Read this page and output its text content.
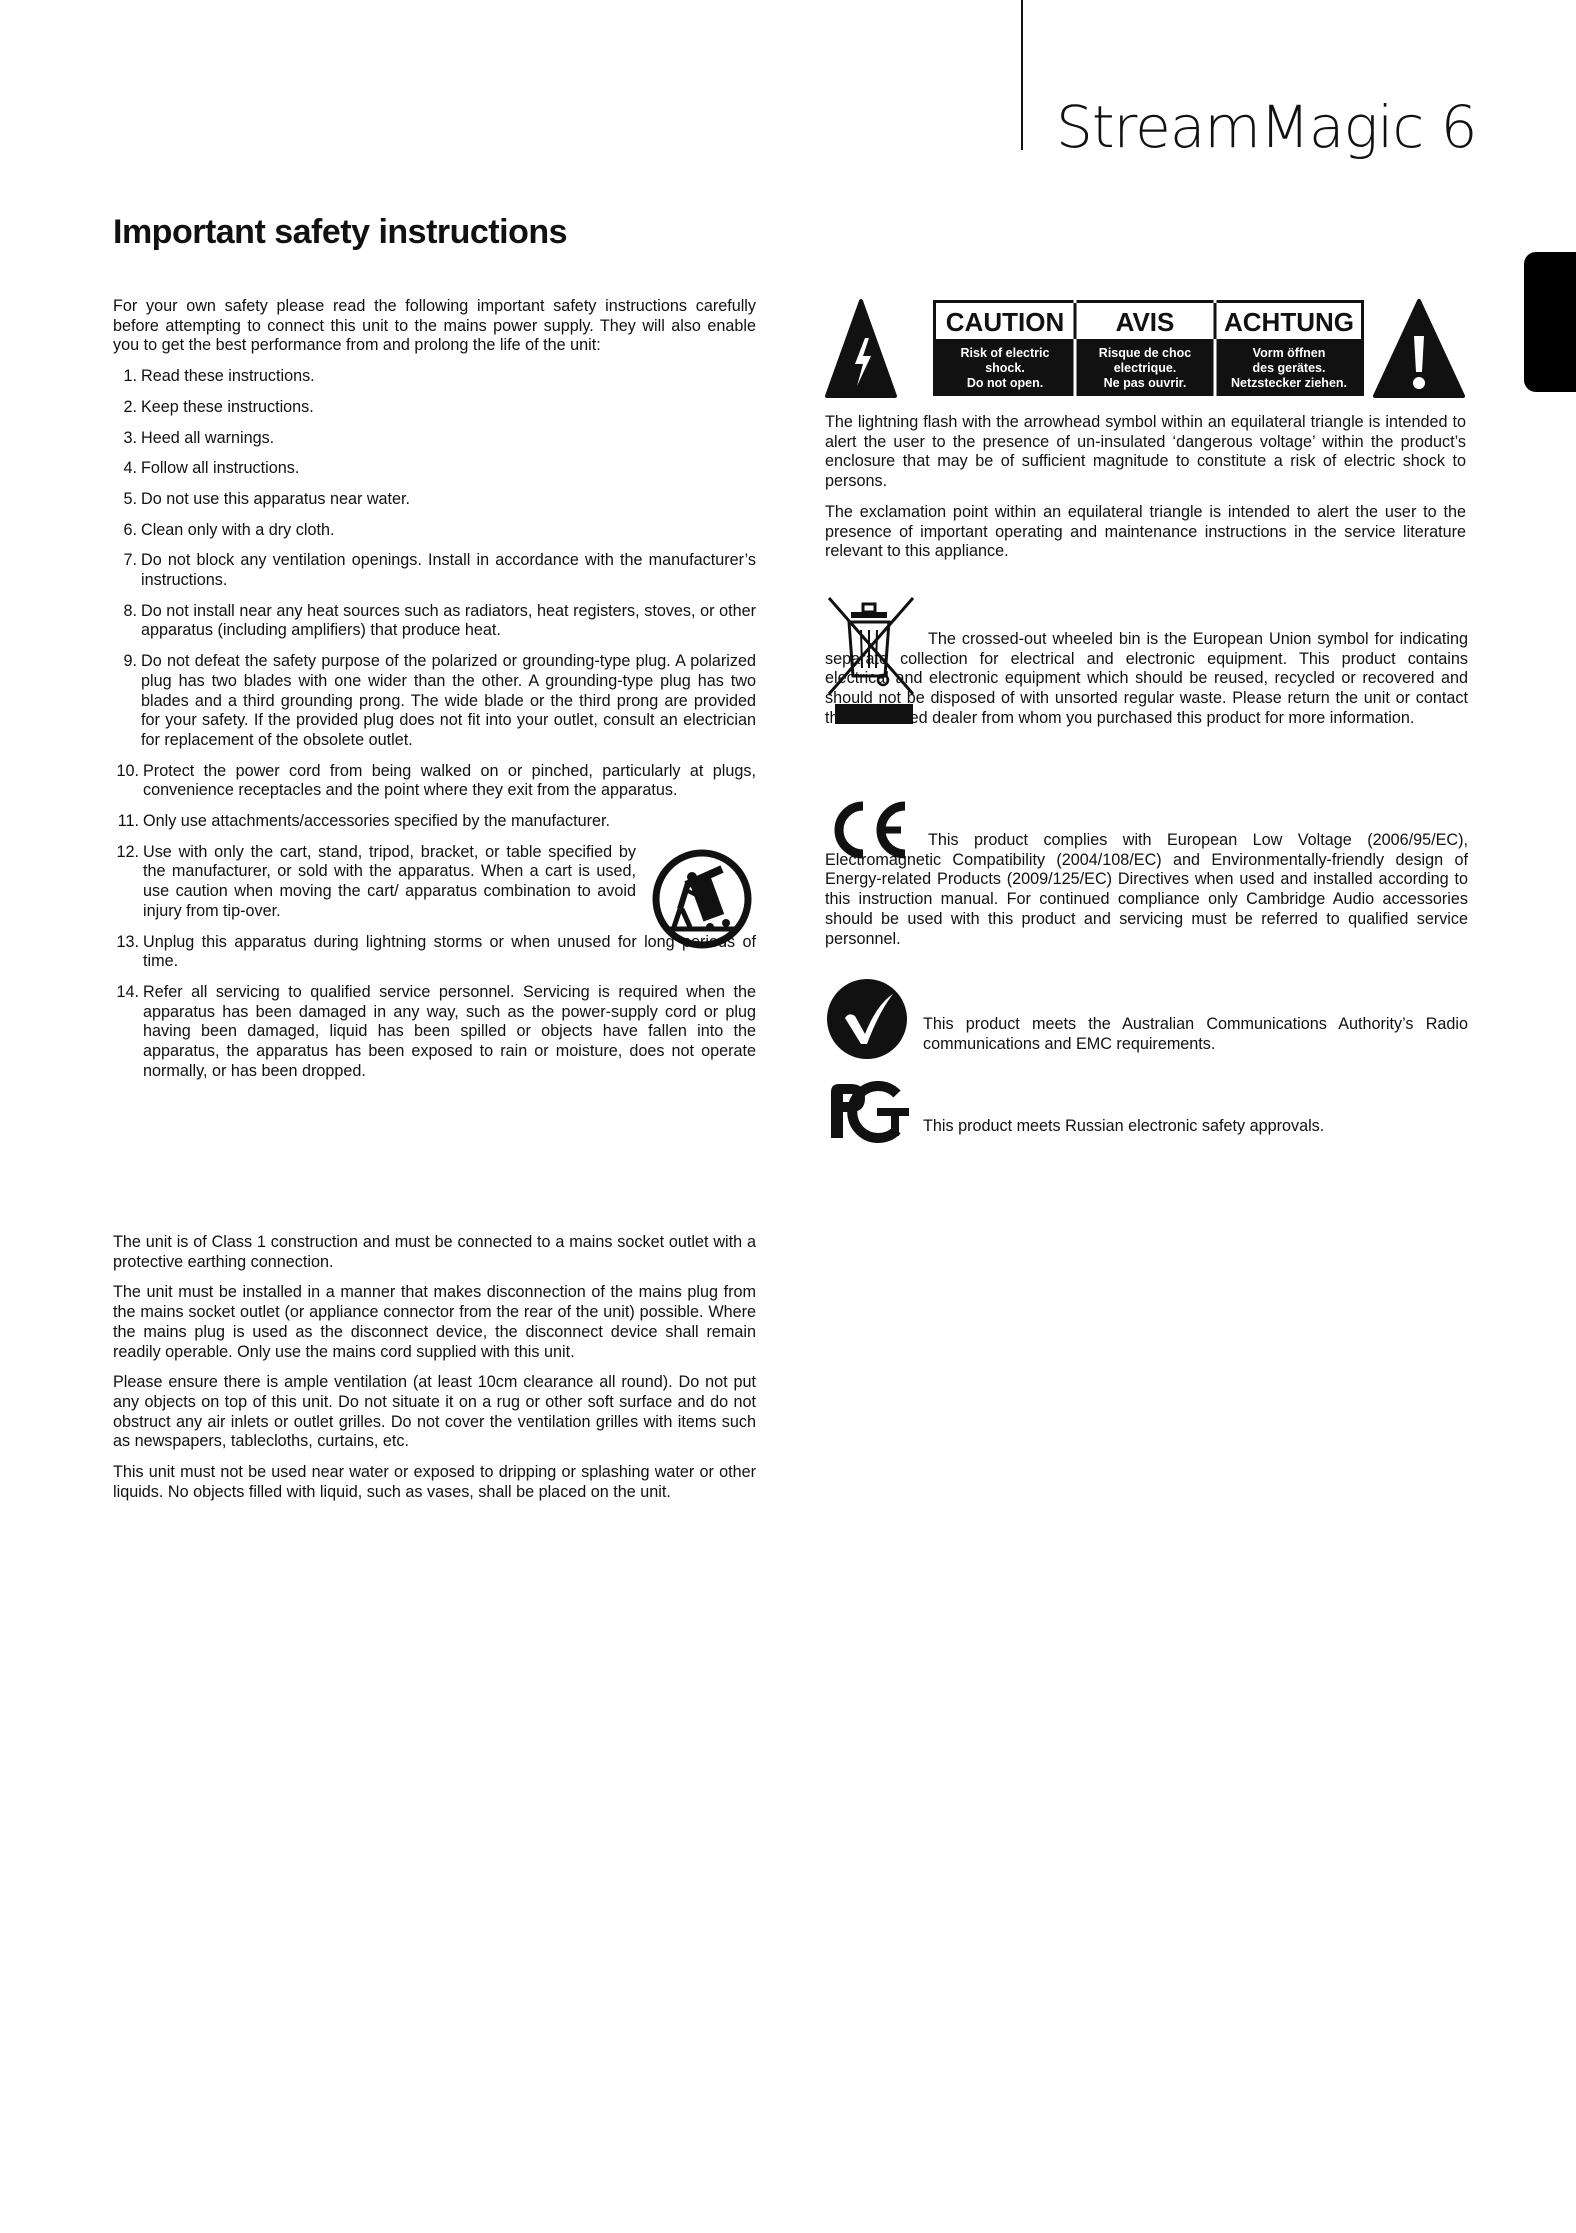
StreamMagic 6
Important safety instructions

For your own safety please read the following important safety instructions carefully before attempting to connect this unit to the mains power supply. They will also enable you to get the best performance from and prolong the life of the unit:

1. Read these instructions.
2. Keep these instructions.
3. Heed all warnings.
4. Follow all instructions.
5. Do not use this apparatus near water.
6. Clean only with a dry cloth.
7. Do not block any ventilation openings. Install in accordance with the manufacturer’s instructions.
8. Do not install near any heat sources such as radiators, heat registers, stoves, or other apparatus (including amplifiers) that produce heat.
9. Do not defeat the safety purpose of the polarized or grounding-type plug. A polarized plug has two blades with one wider than the other. A grounding-type plug has two blades and a third grounding prong. The wide blade or the third prong are provided for your safety. If the provided plug does not fit into your outlet, consult an electrician for replacement of the obsolete outlet.
10. Protect the power cord from being walked on or pinched, particularly at plugs, convenience receptacles and the point where they exit from the apparatus.
11. Only use attachments/accessories specified by the manufacturer.
12. Use with only the cart, stand, tripod, bracket, or table specified by the manufacturer, or sold with the apparatus. When a cart is used, use caution when moving the cart/ apparatus combination to avoid injury from tip-over.
13. Unplug this apparatus during lightning storms or when unused for long periods of time.
14. Refer all servicing to qualified service personnel. Servicing is required when the apparatus has been damaged in any way, such as the power-supply cord or plug having been damaged, liquid has been spilled or objects have fallen into the apparatus, the apparatus has been exposed to rain or moisture, does not operate normally, or has been dropped.

The unit is of Class 1 construction and must be connected to a mains socket outlet with a protective earthing connection.

The unit must be installed in a manner that makes disconnection of the mains plug from the mains socket outlet (or appliance connector from the rear of the unit) possible. Where the mains plug is used as the disconnect device, the disconnect device shall remain readily operable. Only use the mains cord supplied with this unit.

Please ensure there is ample ventilation (at least 10cm clearance all round). Do not put any objects on top of this unit. Do not situate it on a rug or other soft surface and do not obstruct any air inlets or outlet grilles. Do not cover the ventilation grilles with items such as newspapers, tablecloths, curtains, etc.

This unit must not be used near water or exposed to dripping or splashing water or other liquids. No objects filled with liquid, such as vases, shall be placed on the unit.

CAUTION AVIS ACHTUNG
Risk of electric
shock.
Do not open.
Risque de choc
electrique.
Ne pas ouvrir.
Vorm öffnen
des gerätes.
Netzstecker ziehen.

The lightning flash with the arrowhead symbol within an equilateral triangle is intended to alert the user to the presence of un-insulated ‘dangerous voltage’ within the product’s enclosure that may be of sufficient magnitude to constitute a risk of electric shock to persons.

The exclamation point within an equilateral triangle is intended to alert the user to the presence of important operating and maintenance instructions in the service literature relevant to this appliance.

The crossed-out wheeled bin is the European Union symbol for indicating separate collection for electrical and electronic equipment. This product contains electrical and electronic equipment which should be reused, recycled or recovered and should not be disposed of with unsorted regular waste. Please return the unit or contact the authorised dealer from whom you purchased this product for more information.
This product complies with European Low Voltage (2006/95/EC), Electromagnetic Compatibility (2004/108/EC) and Environmentally-friendly design of Energy-related Products (2009/125/EC) Directives when used and installed according to this instruction manual. For continued compliance only Cambridge Audio accessories should be used with this product and servicing must be referred to qualified service personnel.
This product meets the Australian Communications Authority’s Radio communications and EMC requirements.
This product meets Russian electronic safety approvals.
